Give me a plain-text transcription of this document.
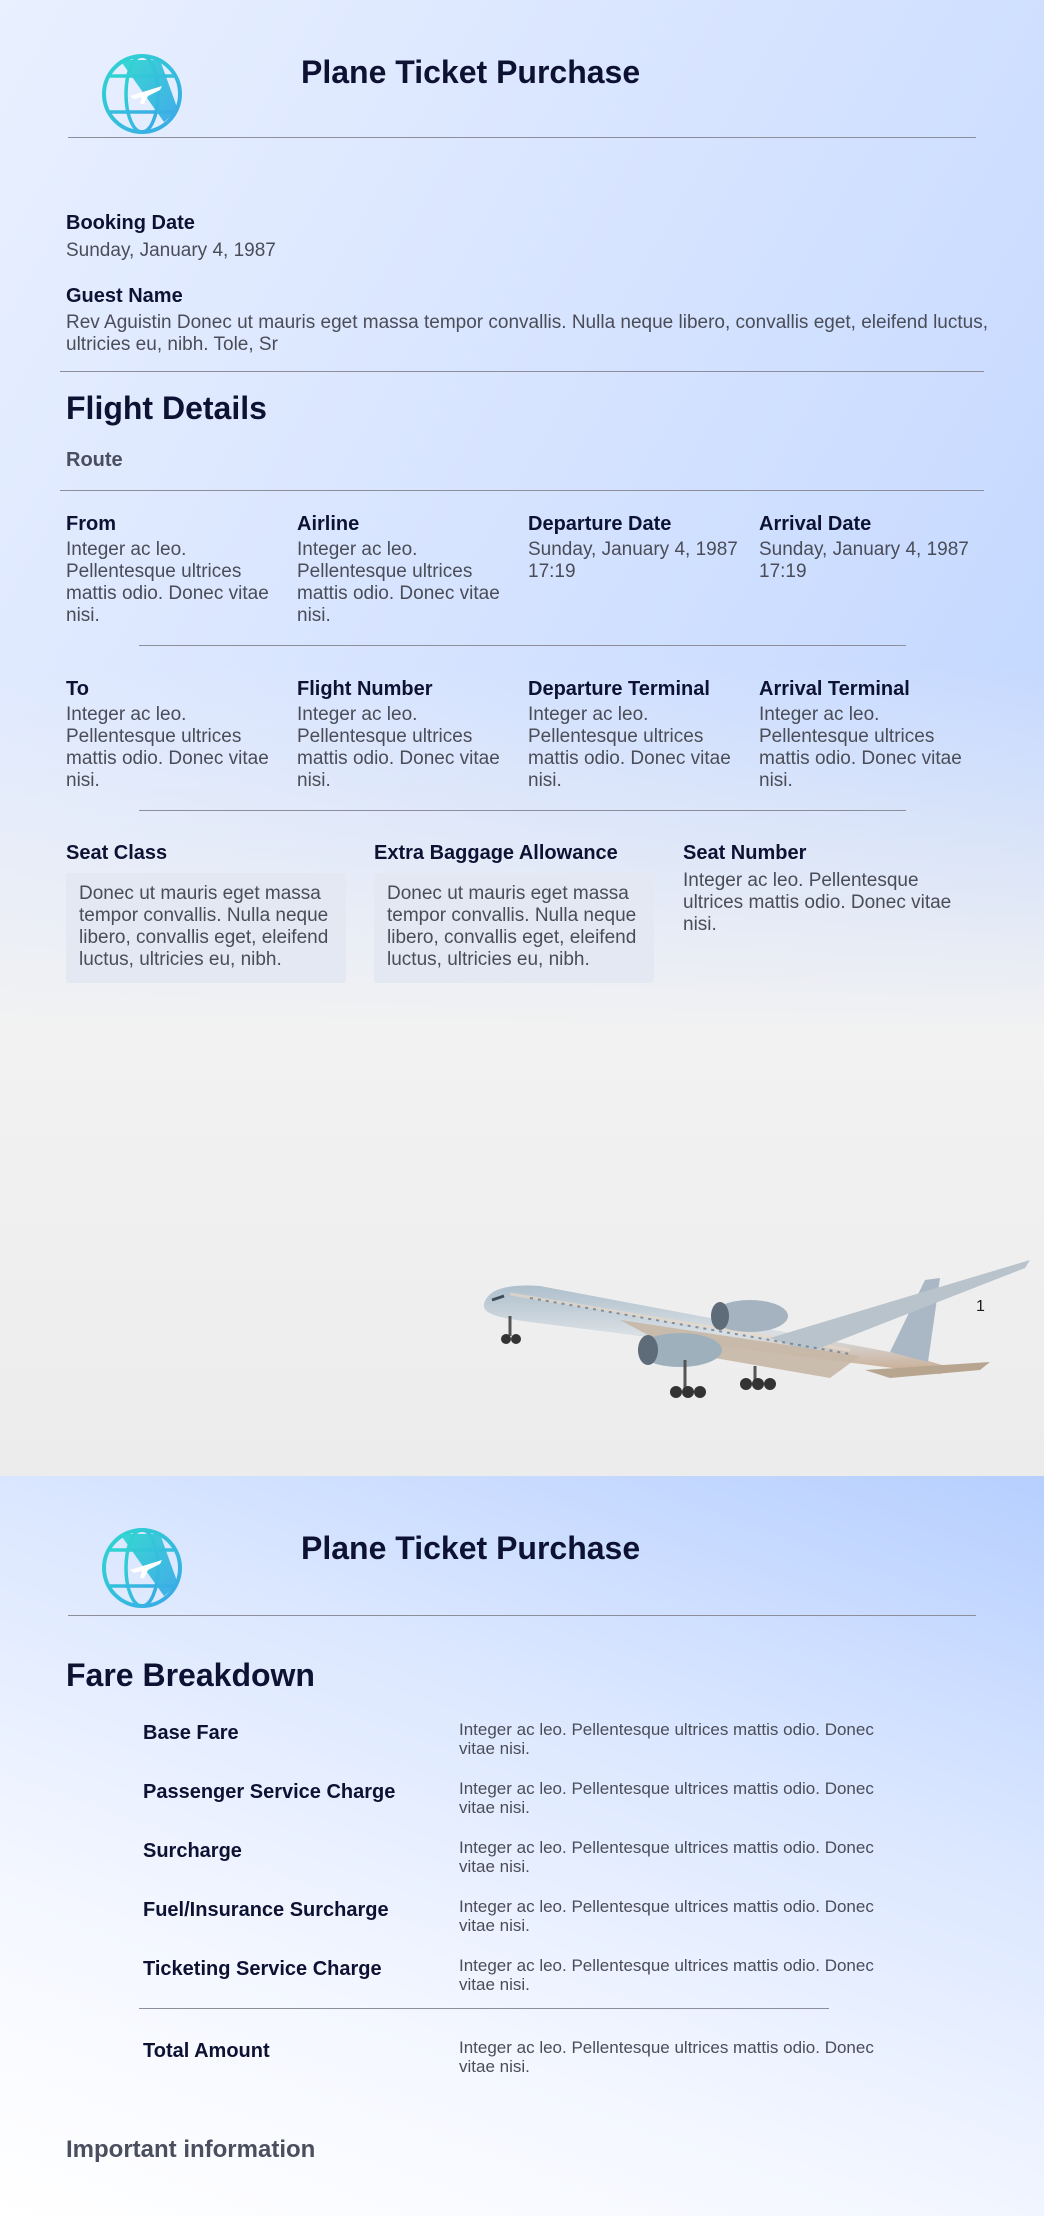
Plane Ticket Purchase
Booking Date
Sunday, January 4, 1987
Guest Name
Rev Aguistin Donec ut mauris eget massa tempor convallis. Nulla neque libero, convallis eget, eleifend luctus, ultricies eu, nibh. Tole, Sr
Flight Details
Route
From
Integer ac leo. Pellentesque ultrices mattis odio. Donec vitae nisi.
Airline
Integer ac leo. Pellentesque ultrices mattis odio. Donec vitae nisi.
Departure Date
Sunday, January 4, 1987 17:19
Arrival Date
Sunday, January 4, 1987 17:19
To
Integer ac leo. Pellentesque ultrices mattis odio. Donec vitae nisi.
Flight Number
Integer ac leo. Pellentesque ultrices mattis odio. Donec vitae nisi.
Departure Terminal
Integer ac leo. Pellentesque ultrices mattis odio. Donec vitae nisi.
Arrival Terminal
Integer ac leo. Pellentesque ultrices mattis odio. Donec vitae nisi.
Seat Class
Donec ut mauris eget massa tempor convallis. Nulla neque libero, convallis eget, eleifend luctus, ultricies eu, nibh.
Extra Baggage Allowance
Donec ut mauris eget massa tempor convallis. Nulla neque libero, convallis eget, eleifend luctus, ultricies eu, nibh.
Seat Number
Integer ac leo. Pellentesque ultrices mattis odio. Donec vitae nisi.
1
Plane Ticket Purchase
Fare Breakdown
Base Fare	Integer ac leo. Pellentesque ultrices mattis odio. Donec vitae nisi.
Passenger Service Charge	Integer ac leo. Pellentesque ultrices mattis odio. Donec vitae nisi.
Surcharge	Integer ac leo. Pellentesque ultrices mattis odio. Donec vitae nisi.
Fuel/Insurance Surcharge	Integer ac leo. Pellentesque ultrices mattis odio. Donec vitae nisi.
Ticketing Service Charge	Integer ac leo. Pellentesque ultrices mattis odio. Donec vitae nisi.
Total Amount	Integer ac leo. Pellentesque ultrices mattis odio. Donec vitae nisi.
Important information
